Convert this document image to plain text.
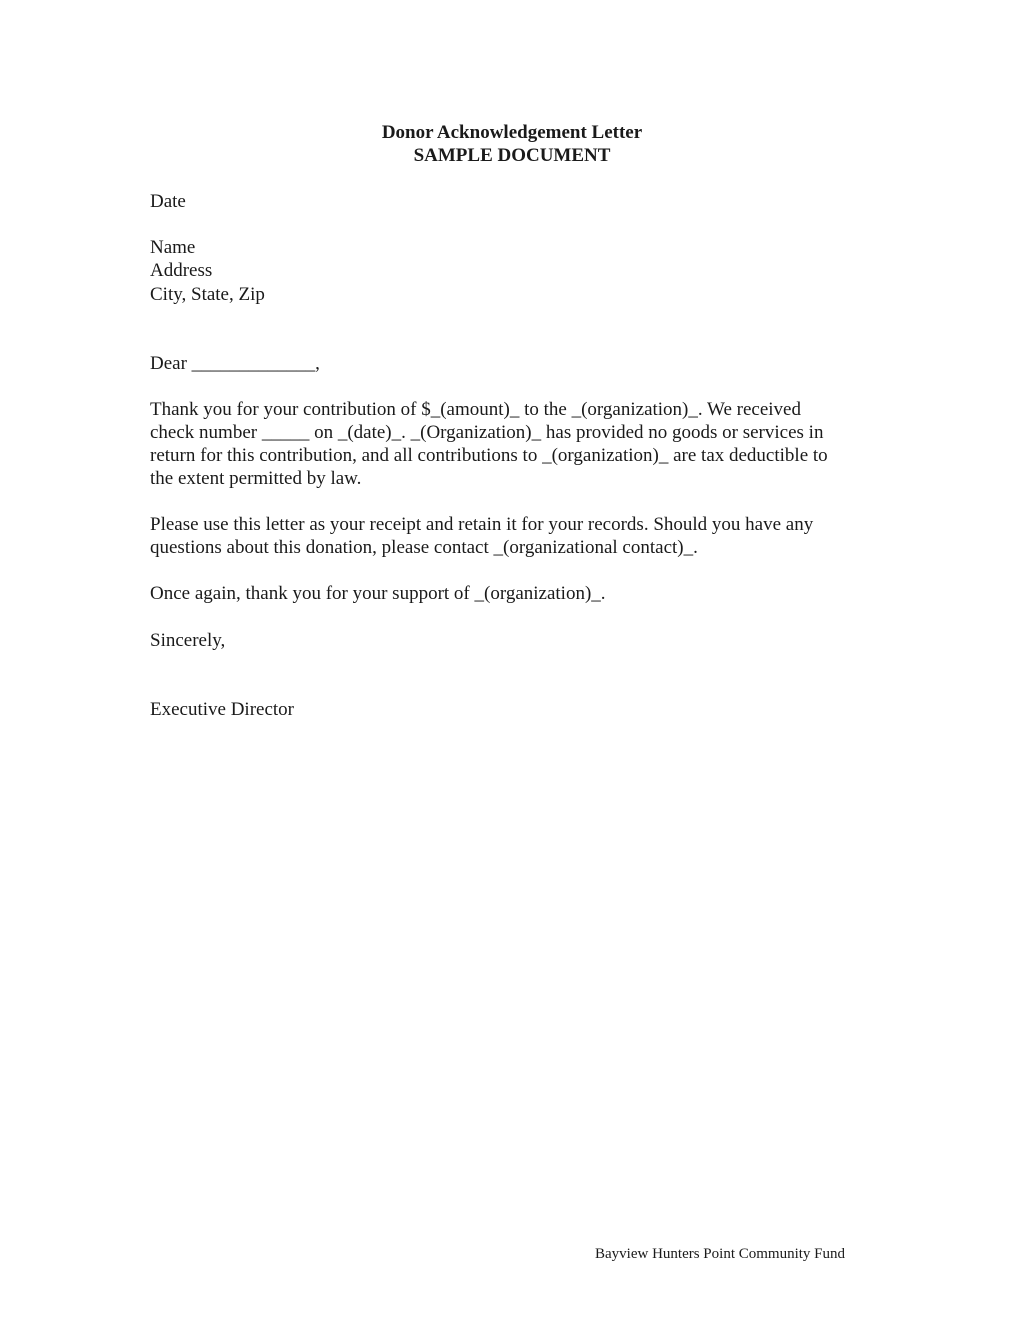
Donor Acknowledgement Letter
SAMPLE DOCUMENT
Date
Name
Address
City, State, Zip
Dear _____________,
Thank you for your contribution of $_(amount)_ to the _(organization)_. We received
check number _____ on _(date)_. _(Organization)_ has provided no goods or services in
return for this contribution, and all contributions to _(organization)_ are tax deductible to
the extent permitted by law.
Please use this letter as your receipt and retain it for your records. Should you have any
questions about this donation, please contact _(organizational contact)_.
Once again, thank you for your support of _(organization)_.
Sincerely,
Executive Director
Bayview Hunters Point Community Fund
